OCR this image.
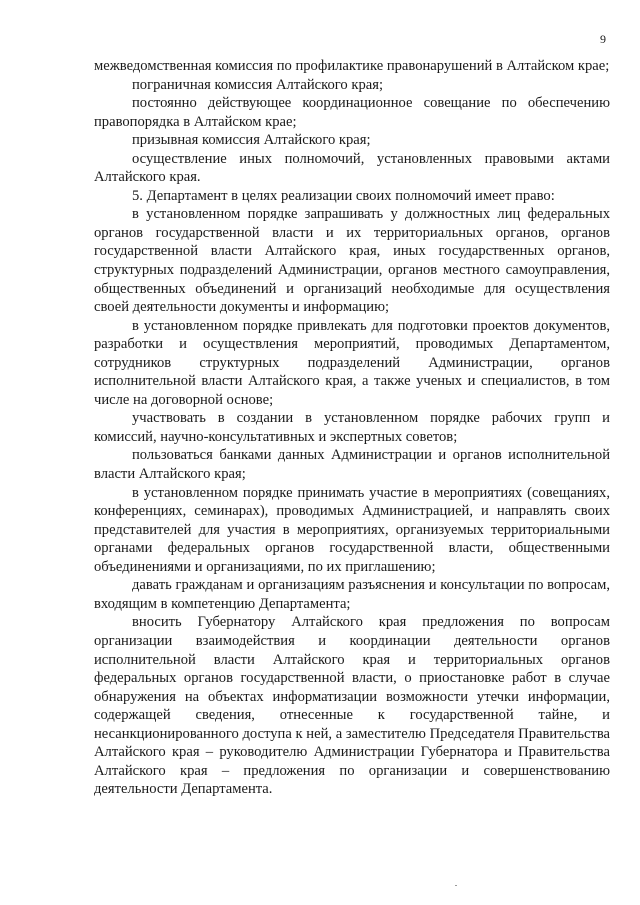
9

межведомственная комиссия по профилактике правонарушений в Алтайском крае;

пограничная комиссия Алтайского края;

постоянно действующее координационное совещание по обеспечению правопорядка в Алтайском крае;

призывная комиссия Алтайского края;

осуществление иных полномочий, установленных правовыми актами Алтайского края.

5. Департамент в целях реализации своих полномочий имеет право:

в установленном порядке запрашивать у должностных лиц федеральных органов государственной власти и их территориальных органов, органов государственной власти Алтайского края, иных государственных органов, структурных подразделений Администрации, органов местного самоуправления, общественных объединений и организаций необходимые для осуществления своей деятельности документы и информацию;

в установленном порядке привлекать для подготовки проектов документов, разработки и осуществления мероприятий, проводимых Департаментом, сотрудников структурных подразделений Администрации, органов исполнительной власти Алтайского края, а также ученых и специалистов, в том числе на договорной основе;

участвовать в создании в установленном порядке рабочих групп и комиссий, научно-консультативных и экспертных советов;

пользоваться банками данных Администрации и органов исполнительной власти Алтайского края;

в установленном порядке принимать участие в мероприятиях (совещаниях, конференциях, семинарах), проводимых Администрацией, и направлять своих представителей для участия в мероприятиях, организуемых территориальными органами федеральных органов государственной власти, общественными объединениями и организациями, по их приглашению;

давать гражданам и организациям разъяснения и консультации по вопросам, входящим в компетенцию Департамента;

вносить Губернатору Алтайского края предложения по вопросам организации взаимодействия и координации деятельности органов исполнительной власти Алтайского края и территориальных органов федеральных органов государственной власти, о приостановке работ в случае обнаружения на объектах информатизации возможности утечки информации, содержащей сведения, отнесенные к государственной тайне, и несанкционированного доступа к ней, а заместителю Председателя Правительства Алтайского края – руководителю Администрации Губернатора и Правительства Алтайского края – предложения по организации и совершенствованию деятельности Департамента.
